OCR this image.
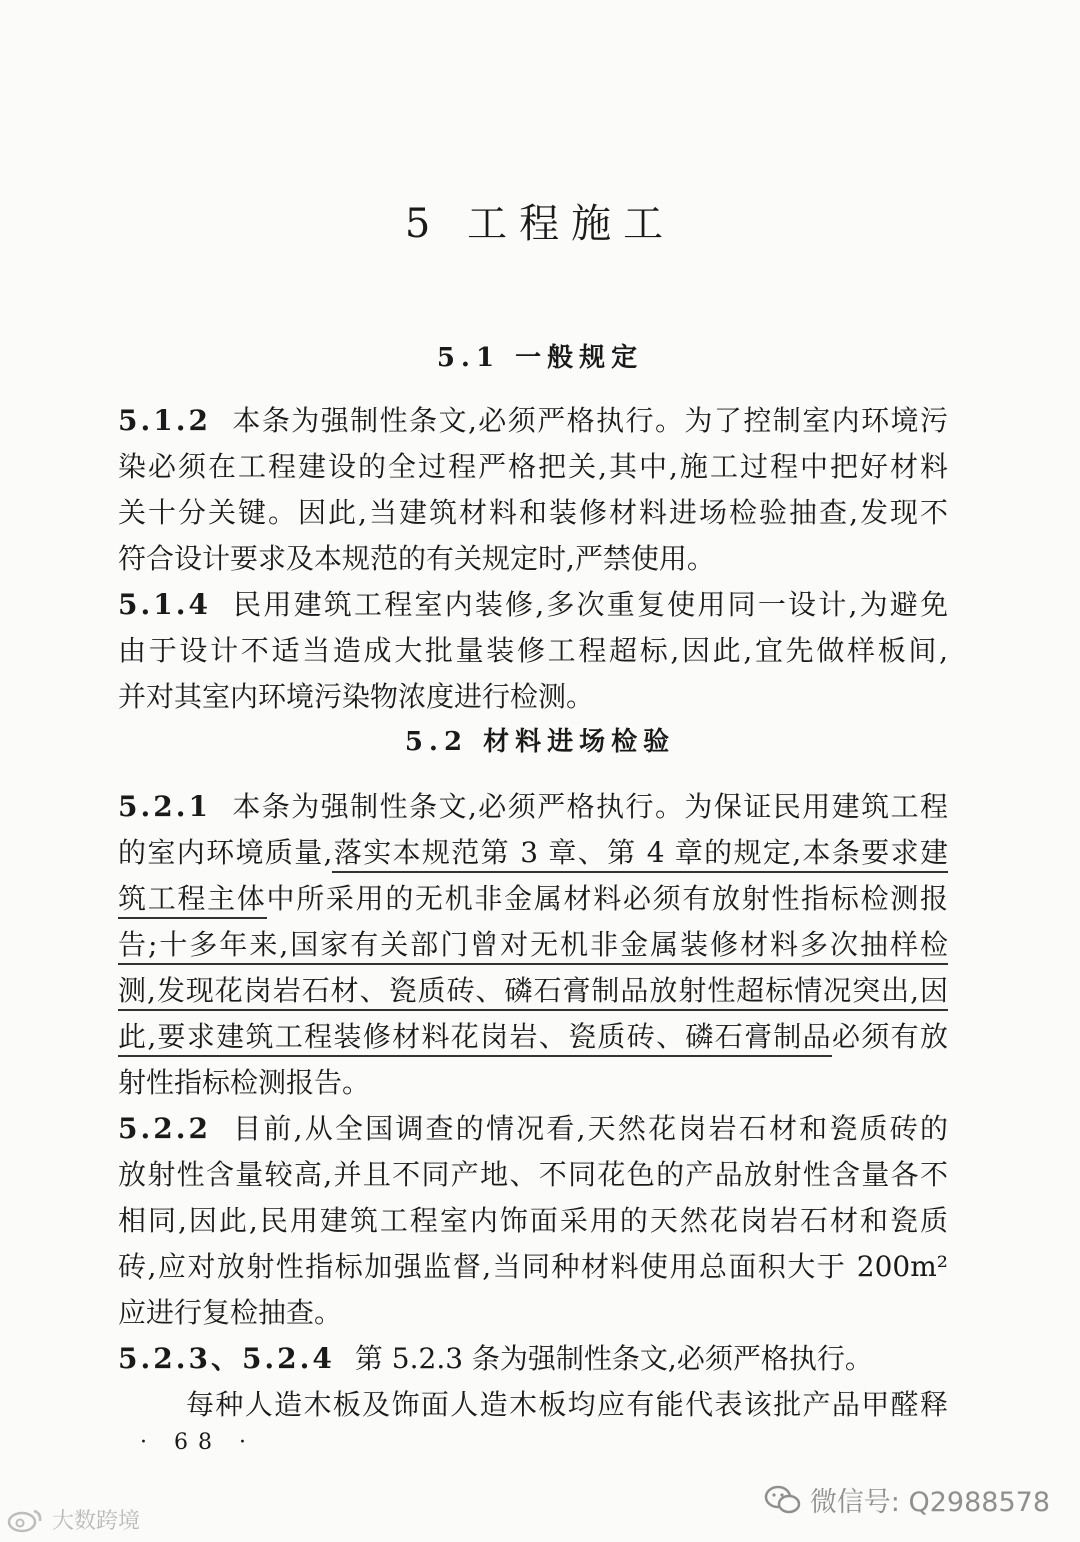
5 工程施工
5.1 一般规定
5.1.2 本条为强制性条文,必须严格执行。为了控制室内环境污
染必须在工程建设的全过程严格把关,其中,施工过程中把好材料
关十分关键。因此,当建筑材料和装修材料进场检验抽查,发现不
符合设计要求及本规范的有关规定时,严禁使用。
5.1.4 民用建筑工程室内装修,多次重复使用同一设计,为避免
由于设计不适当造成大批量装修工程超标,因此,宜先做样板间,
并对其室内环境污染物浓度进行检测。
5.2 材料进场检验
5.2.1 本条为强制性条文,必须严格执行。为保证民用建筑工程
的室内环境质量,落实本规范第 3 章、第 4 章的规定,本条要求建
筑工程主体中所采用的无机非金属材料必须有放射性指标检测报
告;十多年来,国家有关部门曾对无机非金属装修材料多次抽样检
测,发现花岗岩石材、瓷质砖、磷石膏制品放射性超标情况突出,因
此,要求建筑工程装修材料花岗岩、瓷质砖、磷石膏制品必须有放
射性指标检测报告。
5.2.2 目前,从全国调查的情况看,天然花岗岩石材和瓷质砖的
放射性含量较高,并且不同产地、不同花色的产品放射性含量各不
相同,因此,民用建筑工程室内饰面采用的天然花岗岩石材和瓷质
砖,应对放射性指标加强监督,当同种材料使用总面积大于 200m²
应进行复检抽查。
5.2.3、5.2.4 第 5.2.3 条为强制性条文,必须严格执行。
每种人造木板及饰面人造木板均应有能代表该批产品甲醛释
· 68 ·
大数跨境
微信号: Q2988578
